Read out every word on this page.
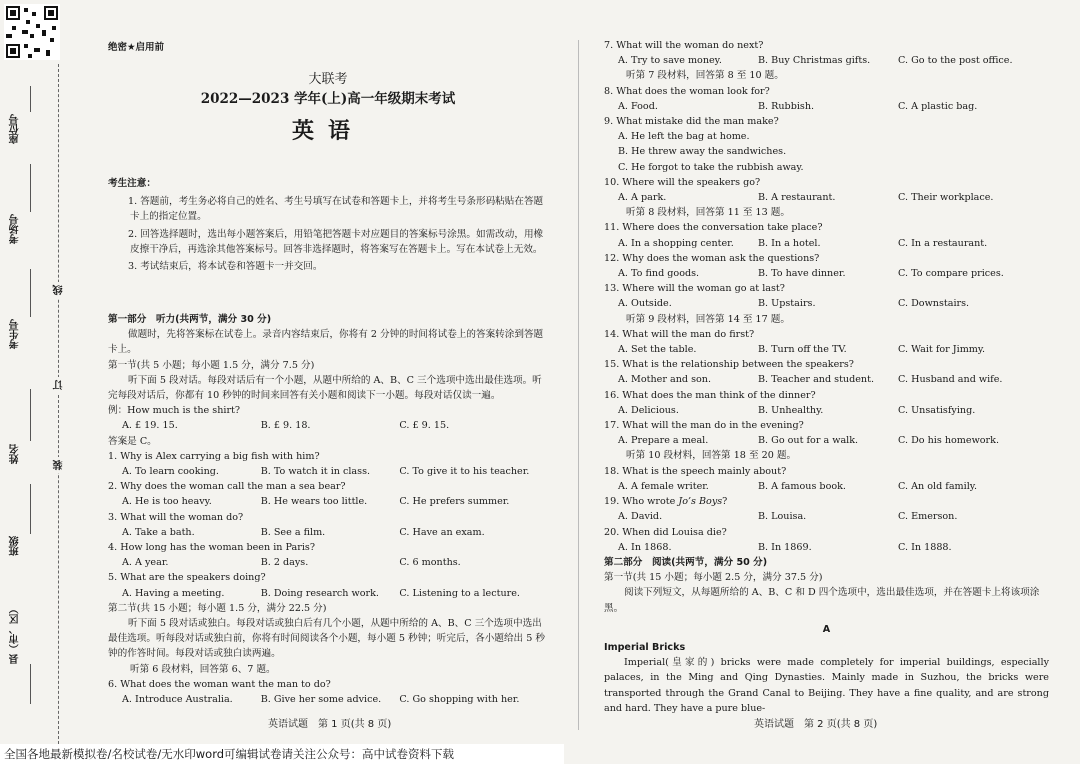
座位号
考场号
考生号
姓名
班级
县（市、区）
线
订
装
绝密★启用前
大联考
2022—2023 学年(上)高一年级期末考试
英语
考生注意：
1. 答题前，考生务必将自己的姓名、考生号填写在试卷和答题卡上，并将考生号条形码粘贴在答题卡上的指定位置。
2. 回答选择题时，选出每小题答案后，用铅笔把答题卡对应题目的答案标号涂黑。如需改动，用橡皮擦干净后，再选涂其他答案标号。回答非选择题时，将答案写在答题卡上。写在本试卷上无效。
3. 考试结束后，将本试卷和答题卡一并交回。
第一部分　听力(共两节，满分 30 分)
做题时，先将答案标在试卷上。录音内容结束后，你将有 2 分钟的时间将试卷上的答案转涂到答题卡上。
第一节(共 5 小题；每小题 1.5 分，满分 7.5 分)
听下面 5 段对话。每段对话后有一个小题，从题中所给的 A、B、C 三个选项中选出最佳选项。听完每段对话后，你都有 10 秒钟的时间来回答有关小题和阅读下一小题。每段对话仅读一遍。
例：How much is the shirt?
A. £ 19. 15.	B. £ 9. 18.	C. £ 9. 15.
答案是 C。
1. Why is Alex carrying a big fish with him?
A. To learn cooking.	B. To watch it in class.	C. To give it to his teacher.
2. Why does the woman call the man a sea bear?
A. He is too heavy.	B. He wears too little.	C. He prefers summer.
3. What will the woman do?
A. Take a bath.	B. See a film.	C. Have an exam.
4. How long has the woman been in Paris?
A. A year.	B. 2 days.	C. 6 months.
5. What are the speakers doing?
A. Having a meeting.	B. Doing research work.	C. Listening to a lecture.
第二节(共 15 小题；每小题 1.5 分，满分 22.5 分)
听下面 5 段对话或独白。每段对话或独白后有几个小题，从题中所给的 A、B、C 三个选项中选出最佳选项。听每段对话或独白前，你将有时间阅读各个小题，每小题 5 秒钟；听完后，各小题给出 5 秒钟的作答时间。每段对话或独白读两遍。
听第 6 段材料，回答第 6、7 题。
6. What does the woman want the man to do?
A. Introduce Australia.	B. Give her some advice.	C. Go shopping with her.
英语试题　第 1 页(共 8 页)
7. What will the woman do next?
A. Try to save money.	B. Buy Christmas gifts.	C. Go to the post office.
听第 7 段材料，回答第 8 至 10 题。
8. What does the woman look for?
A. Food.	B. Rubbish.	C. A plastic bag.
9. What mistake did the man make?
A. He left the bag at home.
B. He threw away the sandwiches.
C. He forgot to take the rubbish away.
10. Where will the speakers go?
A. A park.	B. A restaurant.	C. Their workplace.
听第 8 段材料，回答第 11 至 13 题。
11. Where does the conversation take place?
A. In a shopping center.	B. In a hotel.	C. In a restaurant.
12. Why does the woman ask the questions?
A. To find goods.	B. To have dinner.	C. To compare prices.
13. Where will the woman go at last?
A. Outside.	B. Upstairs.	C. Downstairs.
听第 9 段材料，回答第 14 至 17 题。
14. What will the man do first?
A. Set the table.	B. Turn off the TV.	C. Wait for Jimmy.
15. What is the relationship between the speakers?
A. Mother and son.	B. Teacher and student.	C. Husband and wife.
16. What does the man think of the dinner?
A. Delicious.	B. Unhealthy.	C. Unsatisfying.
17. What will the man do in the evening?
A. Prepare a meal.	B. Go out for a walk.	C. Do his homework.
听第 10 段材料，回答第 18 至 20 题。
18. What is the speech mainly about?
A. A female writer.	B. A famous book.	C. An old family.
19. Who wrote Jo’s Boys?
A. David.	B. Louisa.	C. Emerson.
20. When did Louisa die?
A. In 1868.	B. In 1869.	C. In 1888.
第二部分　阅读(共两节，满分 50 分)
第一节(共 15 小题；每小题 2.5 分，满分 37.5 分)
阅读下列短文，从每题所给的 A、B、C 和 D 四个选项中，选出最佳选项，并在答题卡上将该项涂黑。
A
Imperial Bricks
Imperial(皇家的) bricks were made completely for imperial buildings, especially palaces, in the Ming and Qing Dynasties. Mainly made in Suzhou, the bricks were transported through the Grand Canal to Beijing. They have a fine quality, and are strong and hard. They have a pure blue-
英语试题　第 2 页(共 8 页)
全国各地最新模拟卷/名校试卷/无水印word可编辑试卷请关注公众号：高中试卷资料下载
